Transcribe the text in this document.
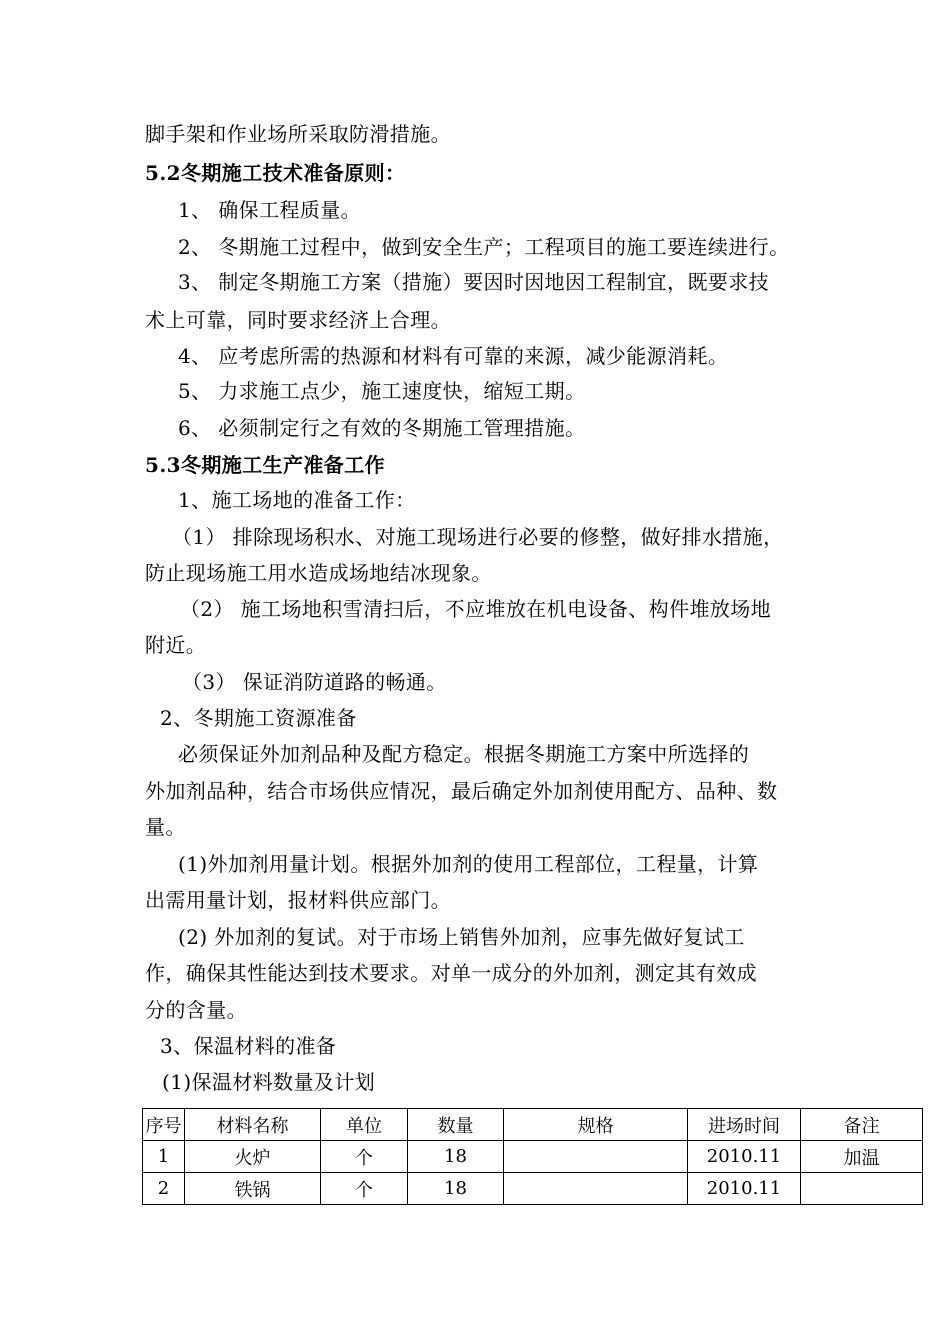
脚手架和作业场所采取防滑措施。
5.2冬期施工技术准备原则：
1、 确保工程质量。
2、 冬期施工过程中，做到安全生产；工程项目的施工要连续进行。
3、 制定冬期施工方案（措施）要因时因地因工程制宜，既要求技
术上可靠，同时要求经济上合理。
4、 应考虑所需的热源和材料有可靠的来源，减少能源消耗。
5、 力求施工点少，施工速度快，缩短工期。
6、 必须制定行之有效的冬期施工管理措施。
5.3冬期施工生产准备工作
1、施工场地的准备工作：
（1） 排除现场积水、对施工现场进行必要的修整，做好排水措施，
防止现场施工用水造成场地结冰现象。
（2） 施工场地积雪清扫后，不应堆放在机电设备、构件堆放场地
附近。
（3） 保证消防道路的畅通。
2、冬期施工资源准备
必须保证外加剂品种及配方稳定。根据冬期施工方案中所选择的
外加剂品种，结合市场供应情况，最后确定外加剂使用配方、品种、数
量。
(1)外加剂用量计划。根据外加剂的使用工程部位，工程量，计算
出需用量计划，报材料供应部门。
(2) 外加剂的复试。对于市场上销售外加剂，应事先做好复试工
作，确保其性能达到技术要求。对单一成分的外加剂，测定其有效成
分的含量。
3、保温材料的准备
(1)保温材料数量及计划
序号	材料名称	单位	数量	规格	进场时间	备注
1	火炉	个	18		2010.11	加温
2	铁锅	个	18		2010.11	
